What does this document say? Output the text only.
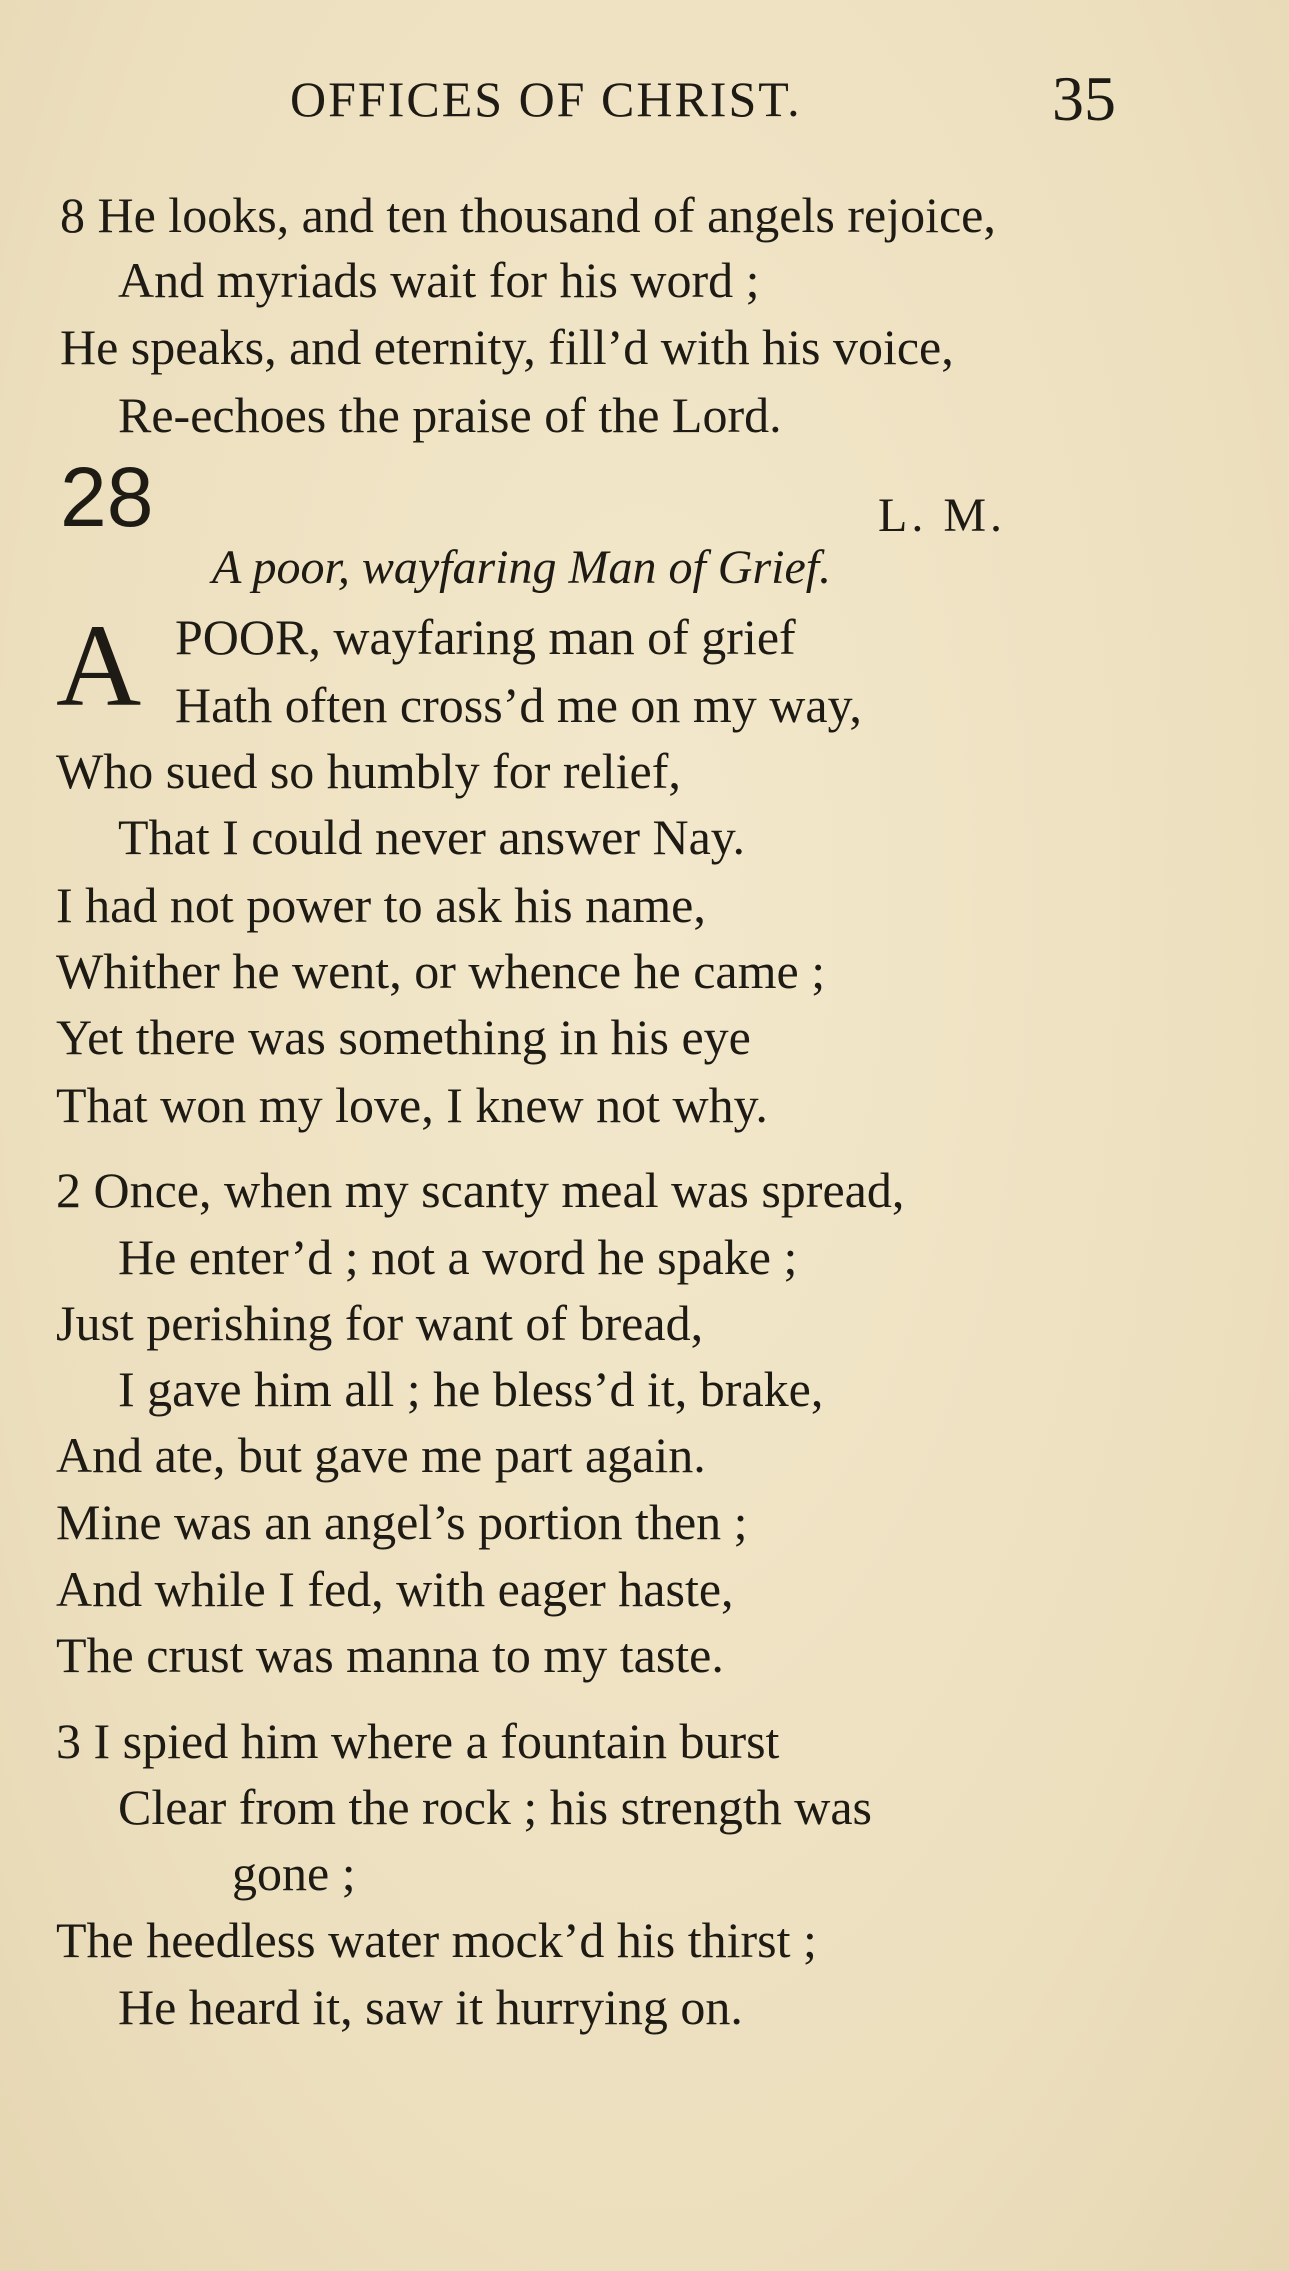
OFFICES OF CHRIST.	35
8 He looks, and ten thousand of angels rejoice,
And myriads wait for his word ;
He speaks, and eternity, fill’d with his voice,
Re-echoes the praise of the Lord.
28	L. M.
A poor, wayfaring Man of Grief.
A POOR, wayfaring man of grief
Hath often cross’d me on my way,
Who sued so humbly for relief,
That I could never answer Nay.
I had not power to ask his name,
Whither he went, or whence he came ;
Yet there was something in his eye
That won my love, I knew not why.
2 Once, when my scanty meal was spread,
He enter’d ; not a word he spake ;
Just perishing for want of bread,
I gave him all ; he bless’d it, brake,
And ate, but gave me part again.
Mine was an angel’s portion then ;
And while I fed, with eager haste,
The crust was manna to my taste.
3 I spied him where a fountain burst
Clear from the rock ; his strength was
gone ;
The heedless water mock’d his thirst ;
He heard it, saw it hurrying on.
